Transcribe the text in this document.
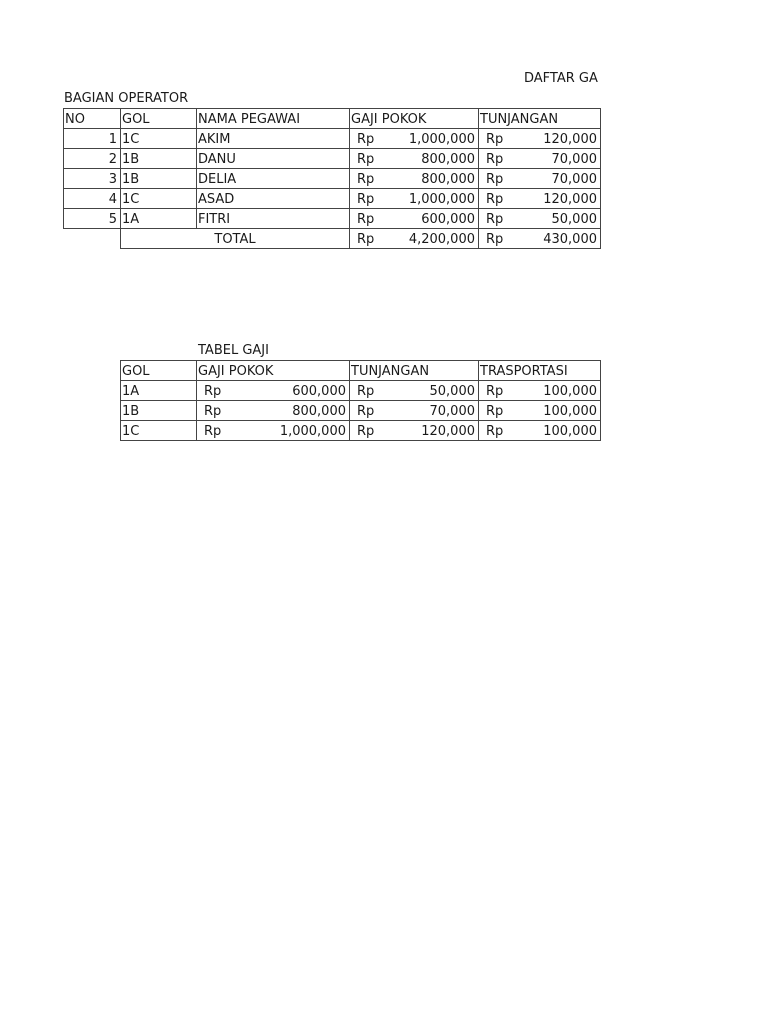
DAFTAR GA
BAGIAN OPERATOR
NO	GOL	NAMA PEGAWAI	GAJI POKOK	TUNJANGAN
1	1C	AKIM	Rp 1,000,000	Rp 120,000

2	1B	DANU	Rp 800,000	Rp 70,000

3	1B	DELIA	Rp 800,000	Rp 70,000

4	1C	ASAD	Rp 1,000,000	Rp 120,000

5	1A	FITRI	Rp 600,000	Rp 50,000

	TOTAL		Rp 4,200,000	Rp 430,000
TABEL GAJI
GOL	GAJI POKOK	TUNJANGAN	TRASPORTASI
1A	Rp 600,000	Rp 50,000	Rp 100,000

1B	Rp 800,000	Rp 70,000	Rp 100,000

1C	Rp 1,000,000	Rp 120,000	Rp 100,000
